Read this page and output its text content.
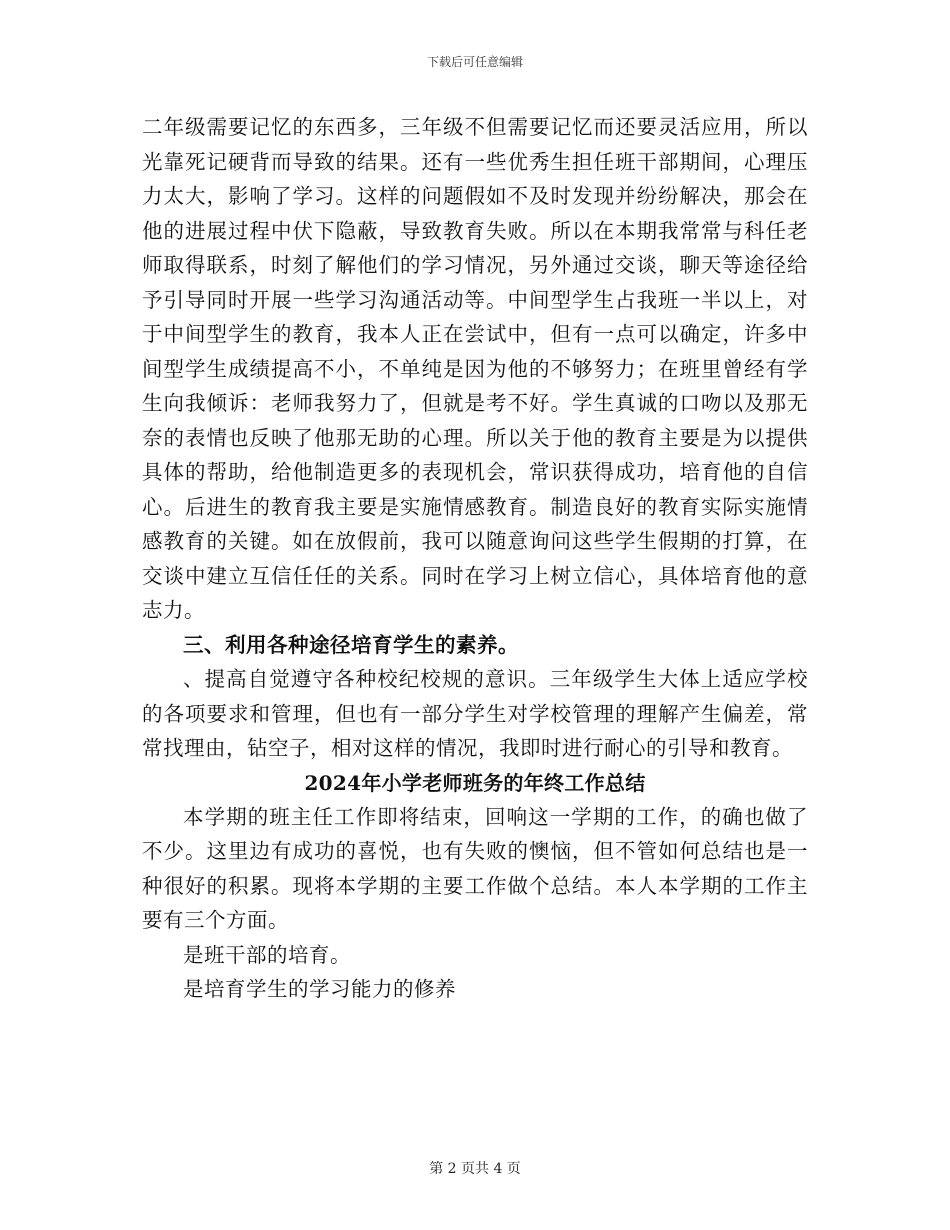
下载后可任意编辑

二年级需要记忆的东西多，三年级不但需要记忆而还要灵活应用，所以光靠死记硬背而导致的结果。还有一些优秀生担任班干部期间，心理压力太大，影响了学习。这样的问题假如不及时发现并纷纷解决，那会在他的进展过程中伏下隐蔽，导致教育失败。所以在本期我常常与科任老师取得联系，时刻了解他们的学习情况，另外通过交谈，聊天等途径给予引导同时开展一些学习沟通活动等。中间型学生占我班一半以上，对于中间型学生的教育，我本人正在尝试中，但有一点可以确定，许多中间型学生成绩提高不小，不单纯是因为他的不够努力；在班里曾经有学生向我倾诉：老师我努力了，但就是考不好。学生真诚的口吻以及那无奈的表情也反映了他那无助的心理。所以关于他的教育主要是为以提供具体的帮助，给他制造更多的表现机会，常识获得成功，培育他的自信心。后进生的教育我主要是实施情感教育。制造良好的教育实际实施情感教育的关键。如在放假前，我可以随意询问这些学生假期的打算，在交谈中建立互信任任的关系。同时在学习上树立信心，具体培育他的意志力。

三、利用各种途径培育学生的素养。

、提高自觉遵守各种校纪校规的意识。三年级学生大体上适应学校的各项要求和管理，但也有一部分学生对学校管理的理解产生偏差，常常找理由，钻空子，相对这样的情况，我即时进行耐心的引导和教育。

2024年小学老师班务的年终工作总结

本学期的班主任工作即将结束，回响这一学期的工作，的确也做了不少。这里边有成功的喜悦，也有失败的懊恼，但不管如何总结也是一种很好的积累。现将本学期的主要工作做个总结。本人本学期的工作主要有三个方面。

是班干部的培育。

是培育学生的学习能力的修养

第 2 页共 4 页
